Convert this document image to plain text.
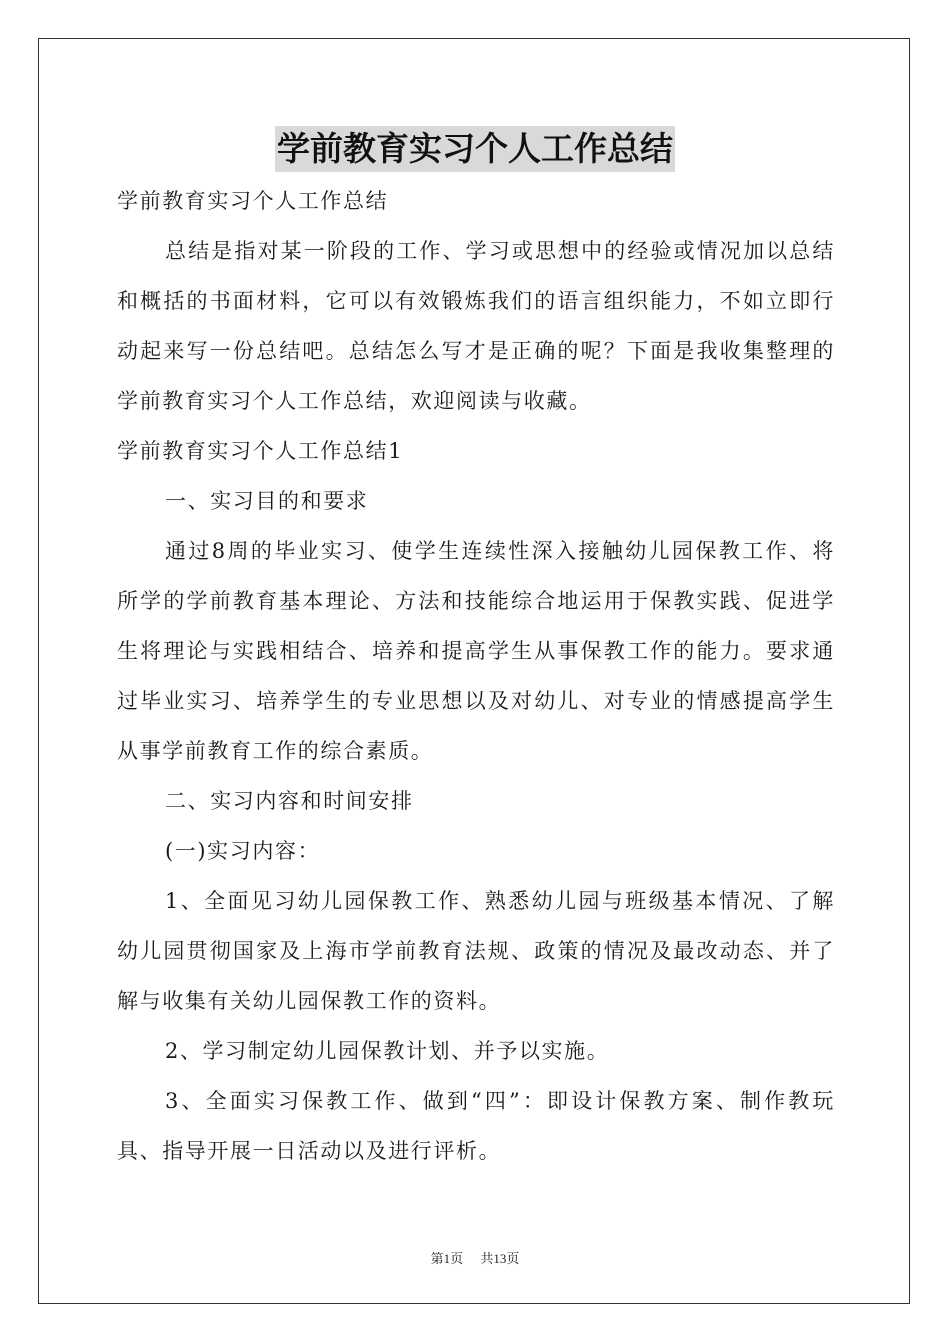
学前教育实习个人工作总结

学前教育实习个人工作总结

总结是指对某一阶段的工作、学习或思想中的经验或情况加以总结和概括的书面材料，它可以有效锻炼我们的语言组织能力，不如立即行动起来写一份总结吧。总结怎么写才是正确的呢？下面是我收集整理的学前教育实习个人工作总结，欢迎阅读与收藏。

学前教育实习个人工作总结1

一、实习目的和要求

通过8周的毕业实习、使学生连续性深入接触幼儿园保教工作、将所学的学前教育基本理论、方法和技能综合地运用于保教实践、促进学生将理论与实践相结合、培养和提高学生从事保教工作的能力。要求通过毕业实习、培养学生的专业思想以及对幼儿、对专业的情感提高学生从事学前教育工作的综合素质。

二、实习内容和时间安排

(一)实习内容：

1、全面见习幼儿园保教工作、熟悉幼儿园与班级基本情况、了解幼儿园贯彻国家及上海市学前教育法规、政策的情况及最改动态、并了解与收集有关幼儿园保教工作的资料。

2、学习制定幼儿园保教计划、并予以实施。

3、全面实习保教工作、做到“四”：即设计保教方案、制作教玩具、指导开展一日活动以及进行评析。

第1页 共13页
